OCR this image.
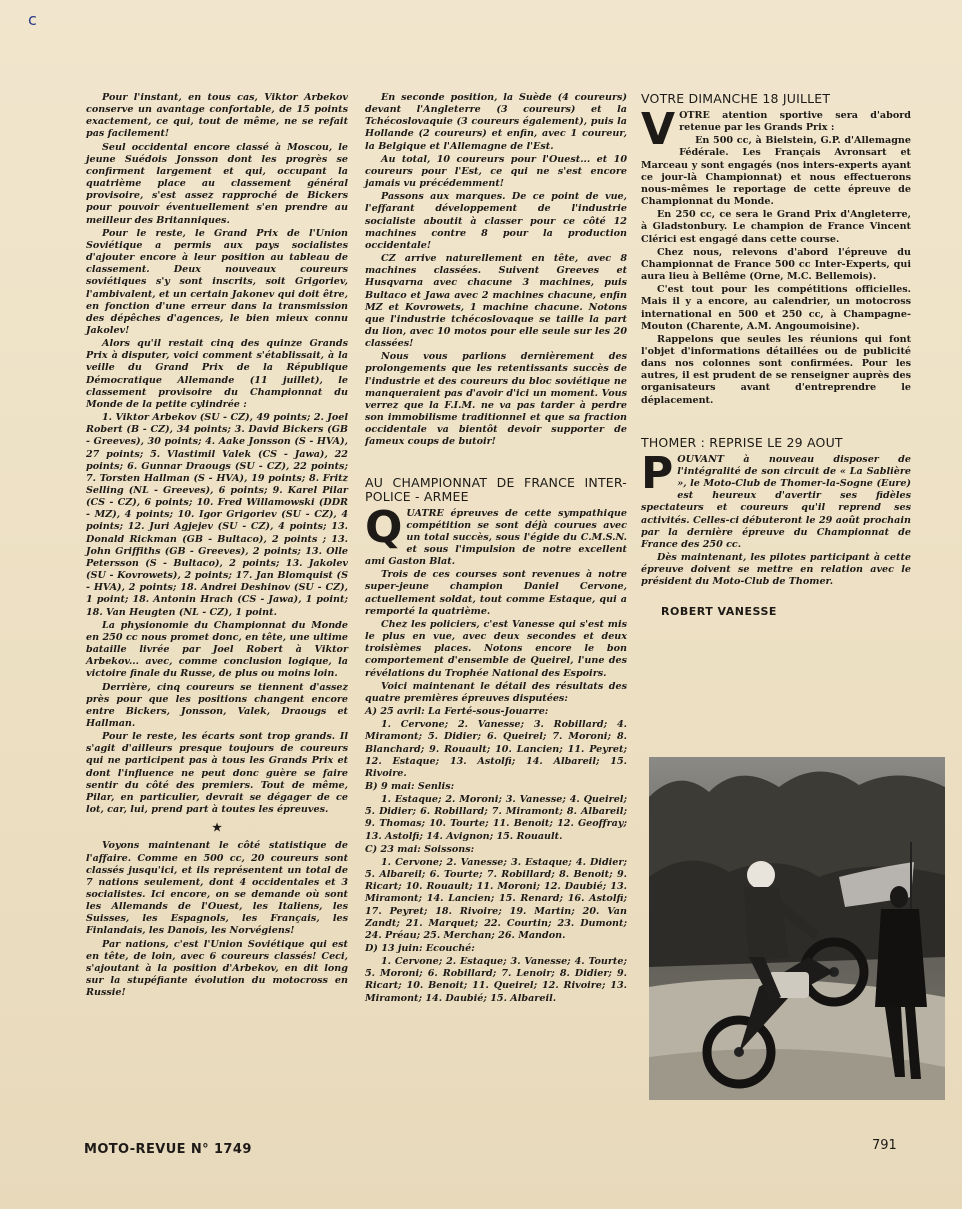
c

Pour l'instant, en tous cas, Viktor Arbekov conserve un avantage confortable, de 15 points exactement, ce qui, tout de même, ne se refait pas facilement!

Seul occidental encore classé à Moscou, le jeune Suédois Jonsson dont les progrès se confirment largement et qui, occupant la quatrième place au classement général provisoire, s'est assez rapproché de Bickers pour pouvoir éventuellement s'en prendre au meilleur des Britanniques.

Pour le reste, le Grand Prix de l'Union Soviétique a permis aux pays socialistes d'ajouter encore à leur position au tableau de classement. Deux nouveaux coureurs soviétiques s'y sont inscrits, soit Grigoriev, l'ambivalent, et un certain Jakonev qui doit être, en fonction d'une erreur dans la transmission des dépêches d'agences, le bien mieux connu Jakolev!

Alors qu'il restait cinq des quinze Grands Prix à disputer, voici comment s'établissait, à la veille du Grand Prix de la République Démocratique Allemande (11 juillet), le classement provisoire du Championnat du Monde de la petite cylindrée :

1. Viktor Arbekov (SU - CZ), 49 points; 2. Joel Robert (B - CZ), 34 points; 3. David Bickers (GB - Greeves), 30 points; 4. Aake Jonsson (S - HVA), 27 points; 5. Vlastimil Valek (CS - Jawa), 22 points; 6. Gunnar Draougs (SU - CZ), 22 points; 7. Torsten Hallman (S - HVA), 19 points; 8. Fritz Selling (NL - Greeves), 6 points; 9. Karel Pilar (CS - CZ), 6 points; 10. Fred Willamowski (DDR - MZ), 4 points; 10. Igor Grigoriev (SU - CZ), 4 points; 12. Juri Agjejev (SU - CZ), 4 points; 13. Donald Rickman (GB - Bultaco), 2 points ; 13. John Griffiths (GB - Greeves), 2 points; 13. Olle Petersson (S - Bultaco), 2 points; 13. Jakolev (SU - Kovrowets), 2 points; 17. Jan Blomquist (S - HVA), 2 points; 18. Andrei Deshinov (SU - CZ), 1 point; 18. Antonin Hrach (CS - Jawa), 1 point; 18. Van Heugten (NL - CZ), 1 point.

La physionomie du Championnat du Monde en 250 cc nous promet donc, en tête, une ultime bataille livrée par Joel Robert à Viktor Arbekov... avec, comme conclusion logique, la victoire finale du Russe, de plus ou moins loin.

Derrière, cinq coureurs se tiennent d'assez près pour que les positions changent encore entre Bickers, Jonsson, Valek, Draougs et Hallman.

Pour le reste, les écarts sont trop grands. Il s'agit d'ailleurs presque toujours de coureurs qui ne participent pas à tous les Grands Prix et dont l'influence ne peut donc guère se faire sentir du côté des premiers. Tout de même, Pilar, en particulier, devrait se dégager de ce lot, car, lui, prend part à toutes les épreuves.

★

Voyons maintenant le côté statistique de l'affaire. Comme en 500 cc, 20 coureurs sont classés jusqu'ici, et ils représentent un total de 7 nations seulement, dont 4 occidentales et 3 socialistes. Ici encore, on se demande où sont les Allemands de l'Ouest, les Italiens, les Suisses, les Espagnols, les Français, les Finlandais, les Danois, les Norvégiens!

Par nations, c'est l'Union Soviétique qui est en tête, de loin, avec 6 coureurs classés! Ceci, s'ajoutant à la position d'Arbekov, en dit long sur la stupéfiante évolution du motocross en Russie!

En seconde position, la Suède (4 coureurs) devant l'Angleterre (3 coureurs) et la Tchécoslovaquie (3 coureurs également), puis la Hollande (2 coureurs) et enfin, avec 1 coureur, la Belgique et l'Allemagne de l'Est.

Au total, 10 coureurs pour l'Ouest... et 10 coureurs pour l'Est, ce qui ne s'est encore jamais vu précédemment!

Passons aux marques. De ce point de vue, l'effarant développement de l'industrie socialiste aboutit à classer pour ce côté 12 machines contre 8 pour la production occidentale!

CZ arrive naturellement en tête, avec 8 machines classées. Suivent Greeves et Husqvarna avec chacune 3 machines, puis Bultaco et Jawa avec 2 machines chacune, enfin MZ et Kovrowets, 1 machine chacune. Notons que l'industrie tchécoslovaque se taille la part du lion, avec 10 motos pour elle seule sur les 20 classées!

Nous vous parlions dernièrement des prolongements que les retentissants succès de l'industrie et des coureurs du bloc soviétique ne manqueraient pas d'avoir d'ici un moment. Vous verrez que la F.I.M. ne va pas tarder à perdre son immobilisme traditionnel et que sa fraction occidentale va bientôt devoir supporter de fameux coups de butoir!

AU CHAMPIONNAT DE FRANCE INTER-POLICE - ARMEE

QUATRE épreuves de cette sympathique compétition se sont déjà courues avec un total succès, sous l'égide du C.M.S.N. et sous l'impulsion de notre excellent ami Gaston Blat.

Trois de ces courses sont revenues à notre super-jeune champion Daniel Cervone, actuellement soldat, tout comme Estaque, qui a remporté la quatrième.

Chez les policiers, c'est Vanesse qui s'est mis le plus en vue, avec deux secondes et deux troisièmes places. Notons encore le bon comportement d'ensemble de Queirel, l'une des révélations du Trophée National des Espoirs.

Voici maintenant le détail des résultats des quatre premières épreuves disputées:

A) 25 avril: La Ferté-sous-Jouarre:

1. Cervone; 2. Vanesse; 3. Robillard; 4. Miramont; 5. Didier; 6. Queirel; 7. Moroni; 8. Blanchard; 9. Rouault; 10. Lancien; 11. Peyret; 12. Estaque; 13. Astolfi; 14. Albareil; 15. Rivoire.

B) 9 mai: Senlis:

1. Estaque; 2. Moroni; 3. Vanesse; 4. Queirel; 5. Didier; 6. Robillard; 7. Miramont; 8. Albareil; 9. Thomas; 10. Tourte; 11. Benoit; 12. Geoffray; 13. Astolfi; 14. Avignon; 15. Rouault.

C) 23 mai: Soissons:

1. Cervone; 2. Vanesse; 3. Estaque; 4. Didier; 5. Albareil; 6. Tourte; 7. Robillard; 8. Benoit; 9. Ricart; 10. Rouault; 11. Moroni; 12. Daubié; 13. Miramont; 14. Lancien; 15. Renard; 16. Astolfi; 17. Peyret; 18. Rivoire; 19. Martin; 20. Van Zandt; 21. Marquet; 22. Courtin; 23. Dumont; 24. Préau; 25. Merchan; 26. Mandon.

D) 13 juin: Ecouché:

1. Cervone; 2. Estaque; 3. Vanesse; 4. Tourte; 5. Moroni; 6. Robillard; 7. Lenoir; 8. Didier; 9. Ricart; 10. Benoit; 11. Queirel; 12. Rivoire; 13. Miramont; 14. Daubié; 15. Albareil.

VOTRE DIMANCHE 18 JUILLET

VOTRE atention sportive sera d'abord retenue par les Grands Prix :

En 500 cc, à Bielstein, G.P. d'Allemagne Fédérale. Les Français Avronsart et Marceau y sont engagés (nos inters-experts ayant ce jour-là Championnat) et nous effectuerons nous-mêmes le reportage de cette épreuve de Championnat du Monde.

En 250 cc, ce sera le Grand Prix d'Angleterre, à Gladstonbury. Le champion de France Vincent Clérici est engagé dans cette course.

Chez nous, relevons d'abord l'épreuve du Championnat de France 500 cc Inter-Experts, qui aura lieu à Bellême (Orne, M.C. Bellemois).

C'est tout pour les compétitions officielles. Mais il y a encore, au calendrier, un motocross international en 500 et 250 cc, à Champagne-Mouton (Charente, A.M. Angoumoisine).

Rappelons que seules les réunions qui font l'objet d'informations détaillées ou de publicité dans nos colonnes sont confirmées. Pour les autres, il est prudent de se renseigner auprès des organisateurs avant d'entreprendre le déplacement.

THOMER : REPRISE LE 29 AOUT

POUVANT à nouveau disposer de l'intégralité de son circuit de « La Sablière », le Moto-Club de Thomer-la-Sogne (Eure) est heureux d'avertir ses fidèles spectateurs et coureurs qu'il reprend ses activités. Celles-ci débuteront le 29 août prochain par la dernière épreuve du Championnat de France des 250 cc.

Dès maintenant, les pilotes participant à cette épreuve doivent se mettre en relation avec le président du Moto-Club de Thomer.

ROBERT VANESSE
MOTO-REVUE N° 1749	791
